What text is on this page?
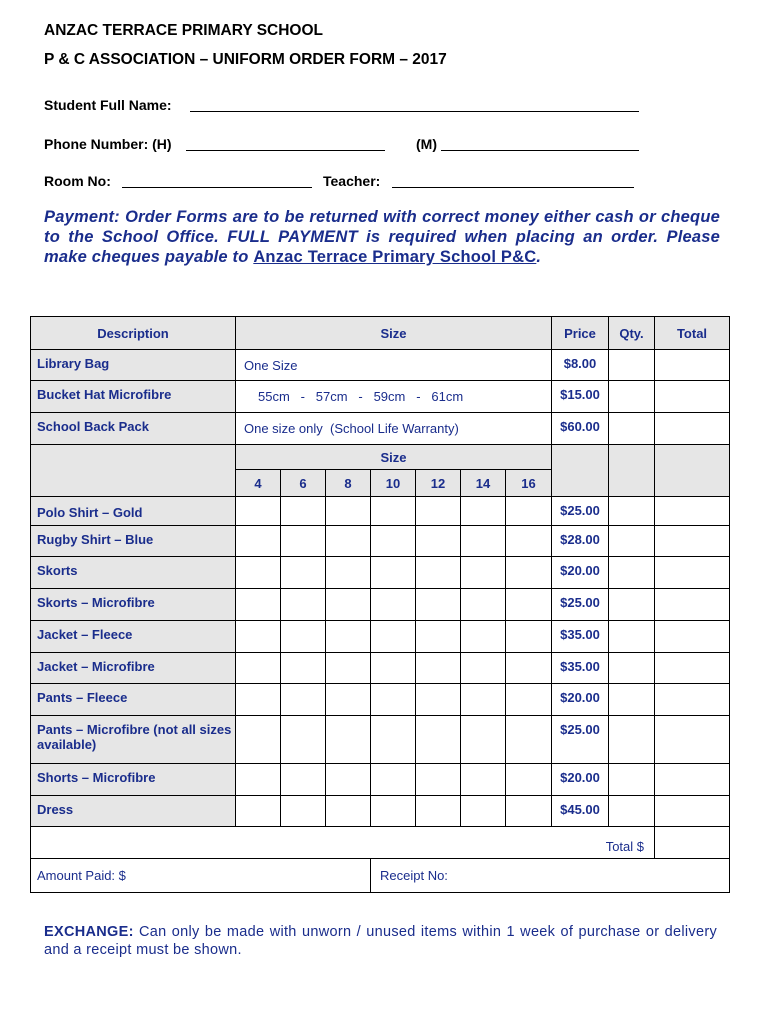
ANZAC TERRACE PRIMARY SCHOOL
P & C ASSOCIATION – UNIFORM ORDER FORM – 2017
Student Full Name:
Phone Number: (H)	(M)
Room No:	Teacher:
Payment: Order Forms are to be returned with correct money either cash or cheque to the School Office. FULL PAYMENT is required when placing an order. Please make cheques payable to Anzac Terrace Primary School P&C.
Description	Size							Price	Qty.	Total
Library Bag	One Size							$8.00		
Bucket Hat Microfibre	55cm   -   57cm   -   59cm   -   61cm							$15.00		
School Back Pack	One size only  (School Life Warranty)							$60.00		
	Size									
	4	6	8	10	12	14	16			
Polo Shirt – Gold								$25.00		
Rugby Shirt – Blue								$28.00		
Skorts								$20.00		
Skorts – Microfibre								$25.00		
Jacket – Fleece								$35.00		
Jacket – Microfibre								$35.00		
Pants – Fleece								$20.00		
Pants – Microfibre (not all sizes available)								$25.00		
Shorts – Microfibre								$20.00		
Dress								$45.00		
Total $										
Amount Paid: $				Receipt No:						
EXCHANGE: Can only be made with unworn / unused items within 1 week of purchase or delivery and a receipt must be shown.
